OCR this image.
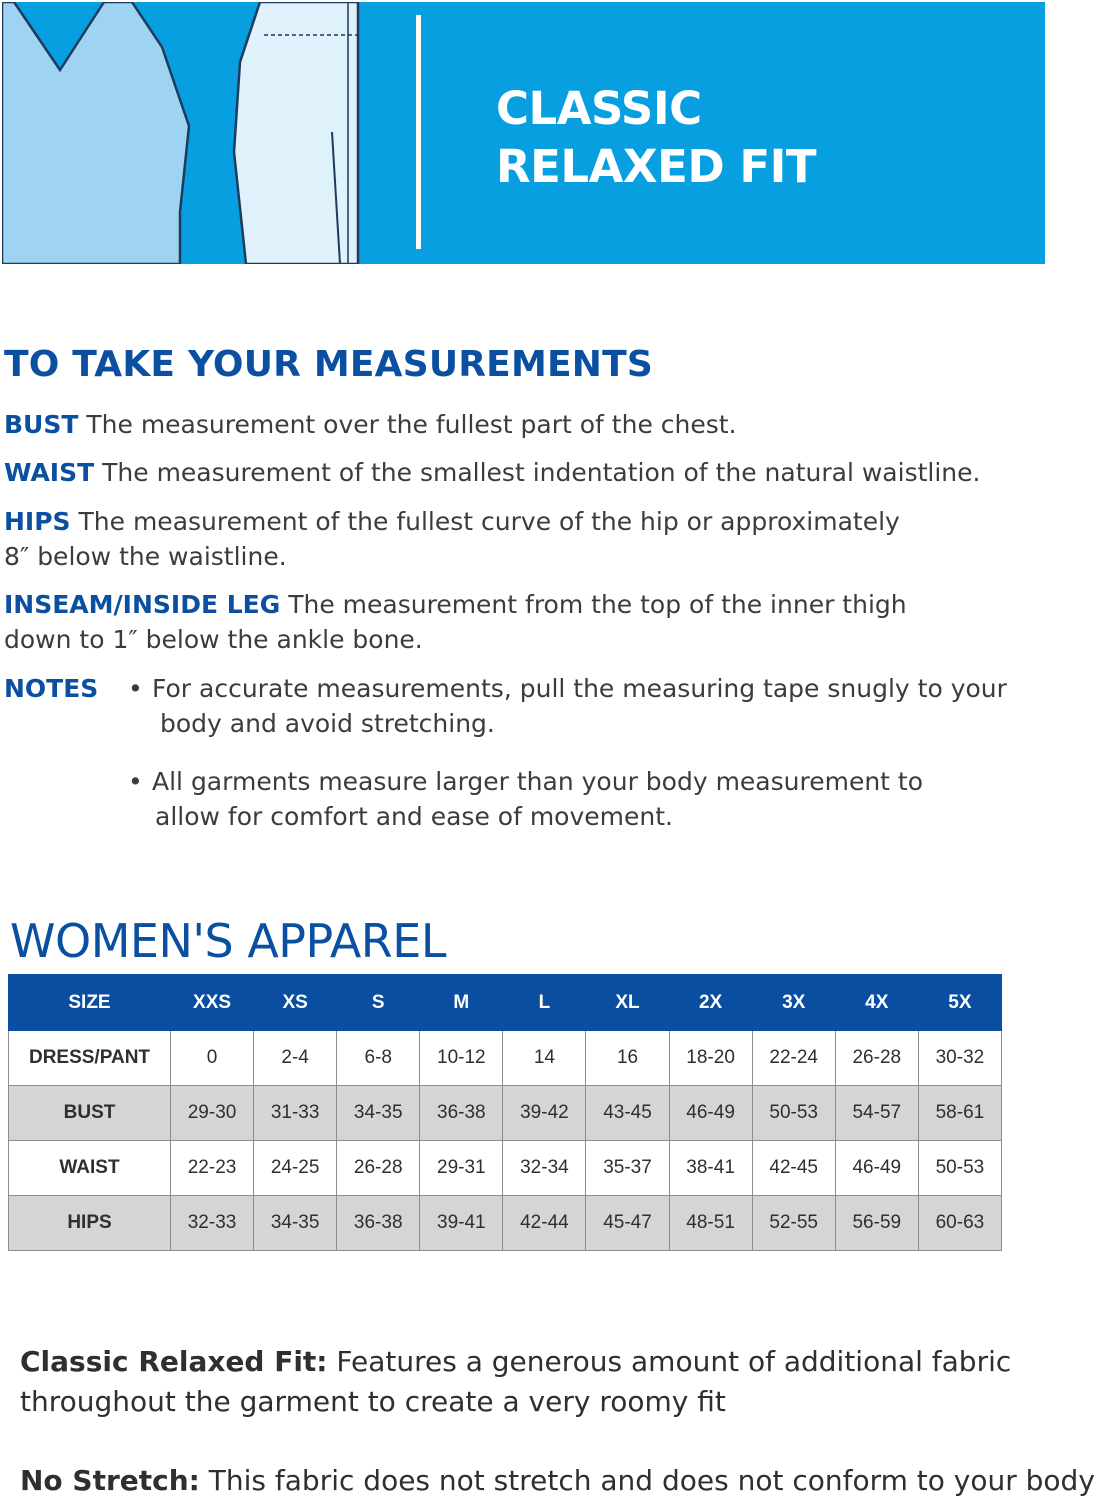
CLASSIC
RELAXED FIT
TO TAKE YOUR MEASUREMENTS
BUST The measurement over the fullest part of the chest.
WAIST The measurement of the smallest indentation of the natural waistline.
HIPS The measurement of the fullest curve of the hip or approximately
8″ below the waistline.
INSEAM/INSIDE LEG The measurement from the top of the inner thigh
down to 1″ below the ankle bone.
NOTES • For accurate measurements, pull the measuring tape snugly to your
body and avoid stretching.
• All garments measure larger than your body measurement to
allow for comfort and ease of movement.
WOMEN'S APPAREL
SIZE	XXS	XS	S	M	L	XL	2X	3X	4X	5X
DRESS/PANT	0	2-4	6-8	10-12	14	16	18-20	22-24	26-28	30-32
BUST	29-30	31-33	34-35	36-38	39-42	43-45	46-49	50-53	54-57	58-61
WAIST	22-23	24-25	26-28	29-31	32-34	35-37	38-41	42-45	46-49	50-53
HIPS	32-33	34-35	36-38	39-41	42-44	45-47	48-51	52-55	56-59	60-63
Classic Relaxed Fit: Features a generous amount of additional fabric
throughout the garment to create a very roomy fit
No Stretch: This fabric does not stretch and does not conform to your body
